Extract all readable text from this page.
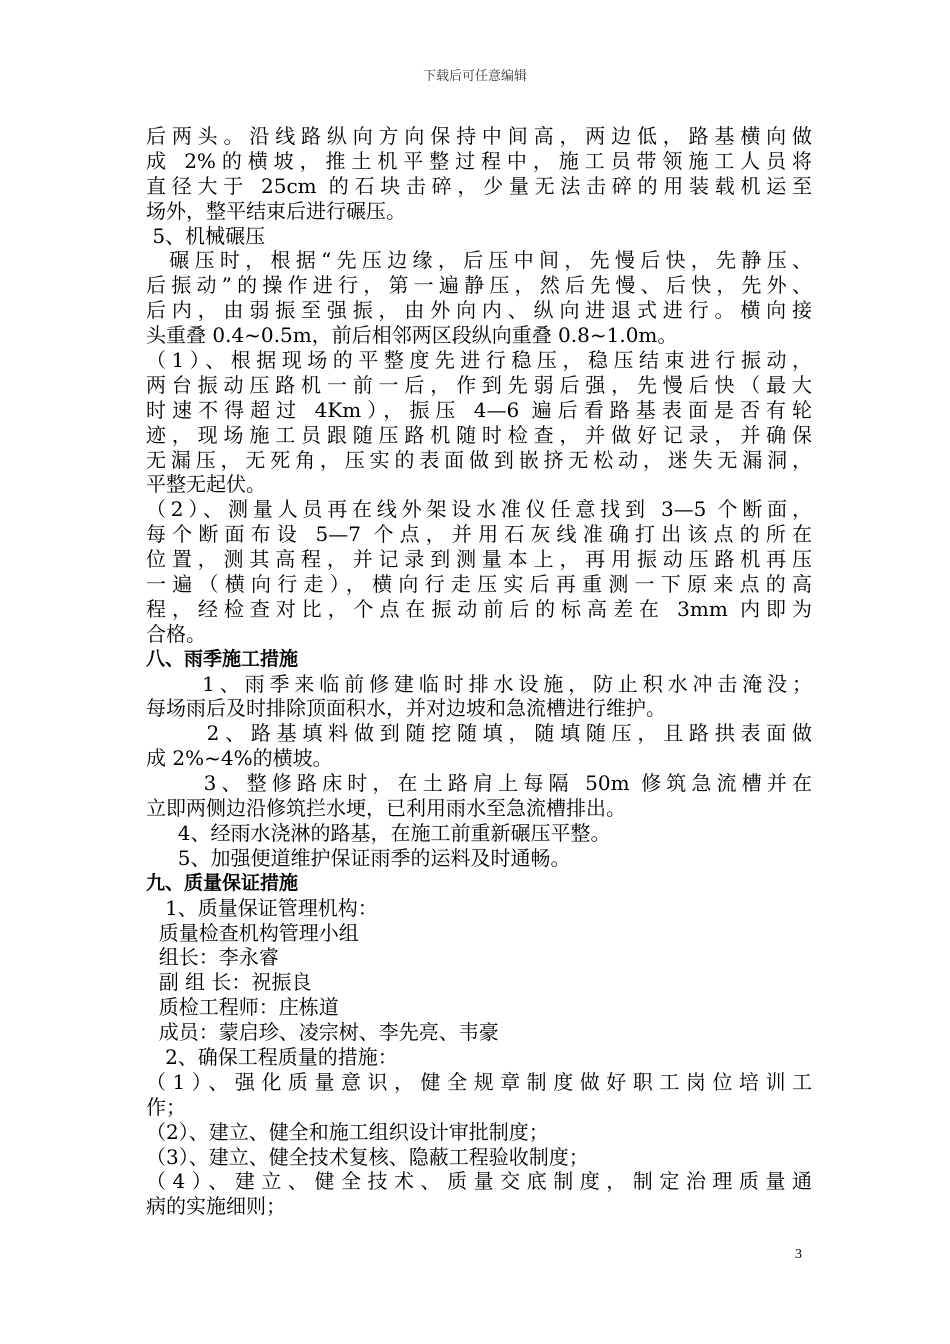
下载后可任意编辑
后两头。沿线路纵向方向保持中间高，两边低，路基横向做
成 2%的横坡，推土机平整过程中，施工员带领施工人员将
直径大于 25cm 的石块击碎，少量无法击碎的用装载机运至
场外，整平结束后进行碾压。
5、机械碾压
碾压时，根据“先压边缘，后压中间，先慢后快，先静压、
后振动”的操作进行，第一遍静压，然后先慢、后快，先外、
后内，由弱振至强振，由外向内、纵向进退式进行。横向接
头重叠 0.4~0.5m，前后相邻两区段纵向重叠 0.8~1.0m。
（1）、根据现场的平整度先进行稳压，稳压结束进行振动，
两台振动压路机一前一后，作到先弱后强，先慢后快（最大
时速不得超过 4Km），振压 4—6 遍后看路基表面是否有轮
迹，现场施工员跟随压路机随时检查，并做好记录，并确保
无漏压，无死角，压实的表面做到嵌挤无松动，迷失无漏洞，
平整无起伏。
（2）、测量人员再在线外架设水准仪任意找到 3—5 个断面，
每个断面布设 5—7 个点，并用石灰线准确打出该点的所在
位置，测其高程，并记录到测量本上，再用振动压路机再压
一遍（横向行走），横向行走压实后再重测一下原来点的高
程，经检查对比，个点在振动前后的标高差在 3mm 内即为
合格。
八、雨季施工措施
1、雨季来临前修建临时排水设施，防止积水冲击淹没；
每场雨后及时排除顶面积水，并对边坡和急流槽进行维护。
2、路基填料做到随挖随填，随填随压，且路拱表面做
成 2%~4%的横坡。
3、整修路床时，在土路肩上每隔 50m 修筑急流槽并在
立即两侧边沿修筑拦水埂，已利用雨水至急流槽排出。
4、经雨水浇淋的路基，在施工前重新碾压平整。
5、加强便道维护保证雨季的运料及时通畅。
九、质量保证措施
1、质量保证管理机构：
质量检查机构管理小组
组长：李永睿
副 组 长：祝振良
质检工程师：庄栋道
成员：蒙启珍、凌宗树、李先亮、韦豪
2、确保工程质量的措施：
（1）、强化质量意识，健全规章制度做好职工岗位培训工
作；
（2）、建立、健全和施工组织设计审批制度；
（3）、建立、健全技术复核、隐蔽工程验收制度；
（4）、建立、健全技术、质量交底制度，制定治理质量通
病的实施细则；
3
